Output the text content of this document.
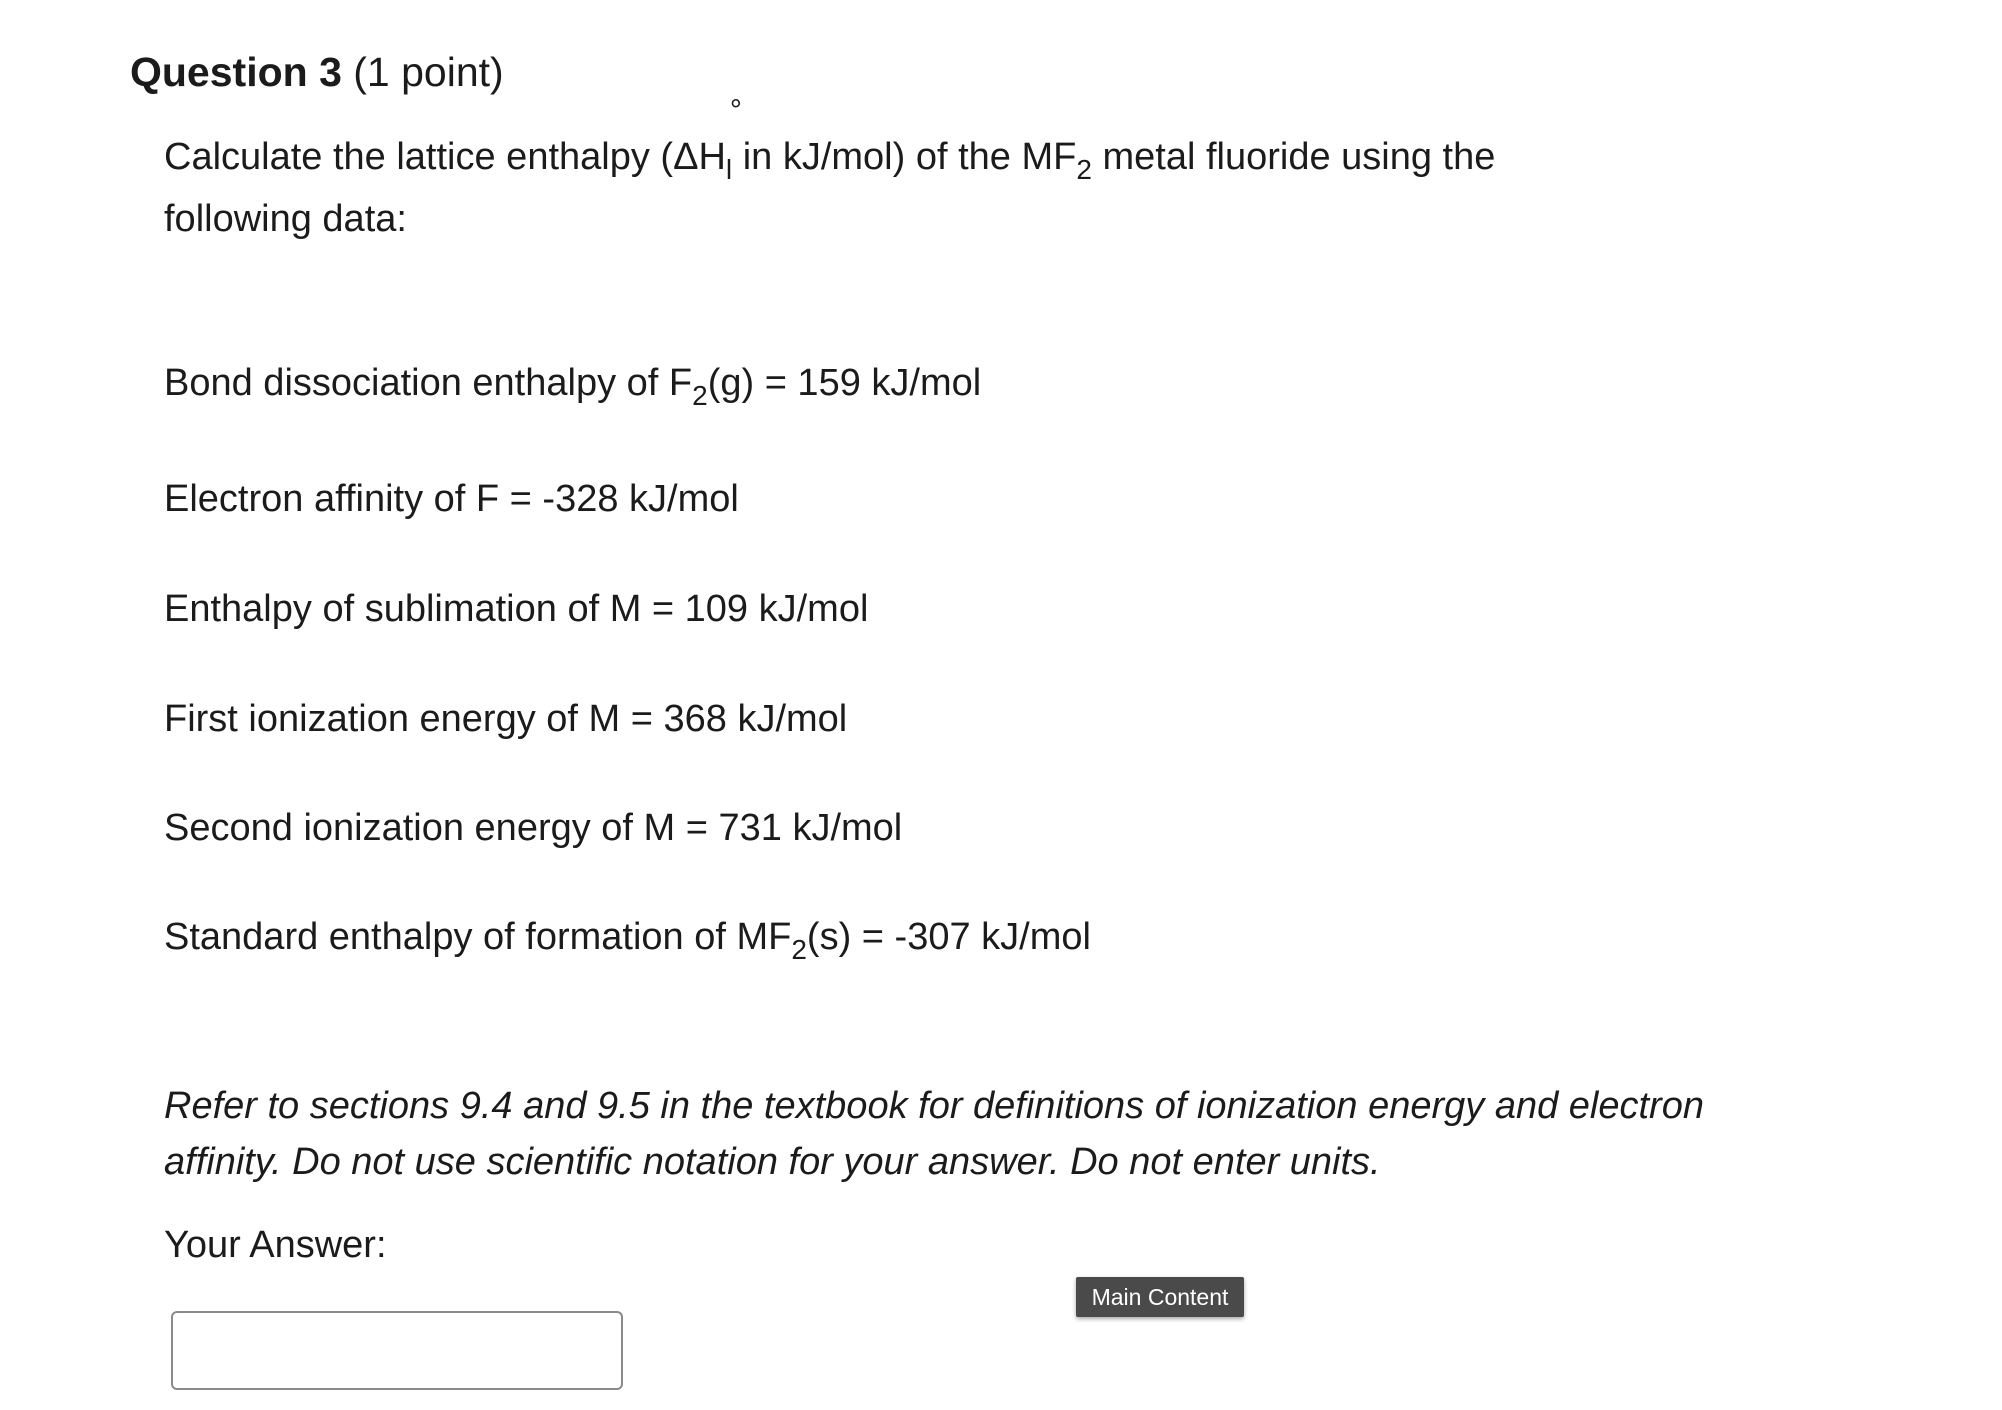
Question 3 (1 point)
Calculate the lattice enthalpy ($\Delta H_l$
°
in kJ/mol) of the $MF_2$ metal fluoride using the following data:
Bond dissociation enthalpy of $F_2(g) = 159$ kJ/mol
Electron affinity of F = -328 kJ/mol
Enthalpy of sublimation of M = 109 kJ/mol
First ionization energy of M = 368 kJ/mol
Second ionization energy of M = 731 kJ/mol
Standard enthalpy of formation of $MF_2(s) = -307$ kJ/mol
Refer to sections 9.4 and 9.5 in the textbook for definitions of ionization energy and electron affinity. Do not use scientific notation for your answer. Do not enter units.
Your Answer:
Main Content
